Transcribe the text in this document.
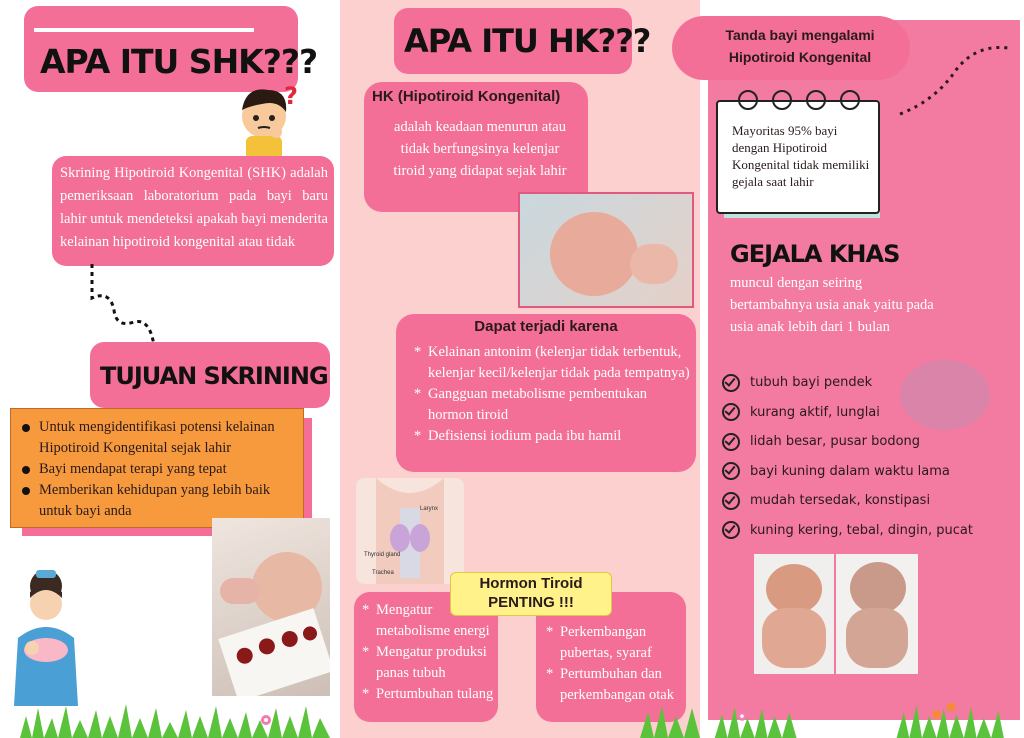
APA ITU SHK???
?
Skrining Hipotiroid Kongenital (SHK) adalah pemeriksaan laboratorium pada bayi baru lahir untuk mendeteksi apakah bayi menderita kelainan hipotiroid kongenital atau tidak
TUJUAN SKRINING
Untuk mengidentifikasi potensi kelainan Hipotiroid Kongenital sejak lahir
Bayi mendapat terapi yang tepat
Memberikan kehidupan yang lebih baik untuk bayi anda
APA ITU HK???
HK (Hipotiroid Kongenital)
adalah keadaan menurun atau tidak berfungsinya kelenjar tiroid yang didapat sejak lahir
Dapat terjadi karena
* Kelainan antonim (kelenjar tidak terbentuk, kelenjar kecil/kelenjar tidak pada tempatnya)
* Gangguan metabolisme pembentukan hormon tiroid
* Defisiensi iodium pada ibu hamil
Larynx
Thyroid gland
Trachea
* Mengatur metabolisme energi
* Mengatur produksi panas tubuh
* Pertumbuhan tulang
* Perkembangan pubertas, syaraf
* Pertumbuhan dan perkembangan otak
Hormon Tiroid
PENTING !!!
Tanda bayi mengalami Hipotiroid Kongenital
Mayoritas 95% bayi dengan Hipotiroid Kongenital tidak memiliki gejala saat lahir
GEJALA KHAS
muncul dengan seiring bertambahnya usia anak yaitu pada usia anak lebih dari 1 bulan
tubuh bayi pendek
kurang aktif, lunglai
lidah besar, pusar bodong
bayi kuning dalam waktu lama
mudah tersedak, konstipasi
kuning kering, tebal, dingin, pucat
